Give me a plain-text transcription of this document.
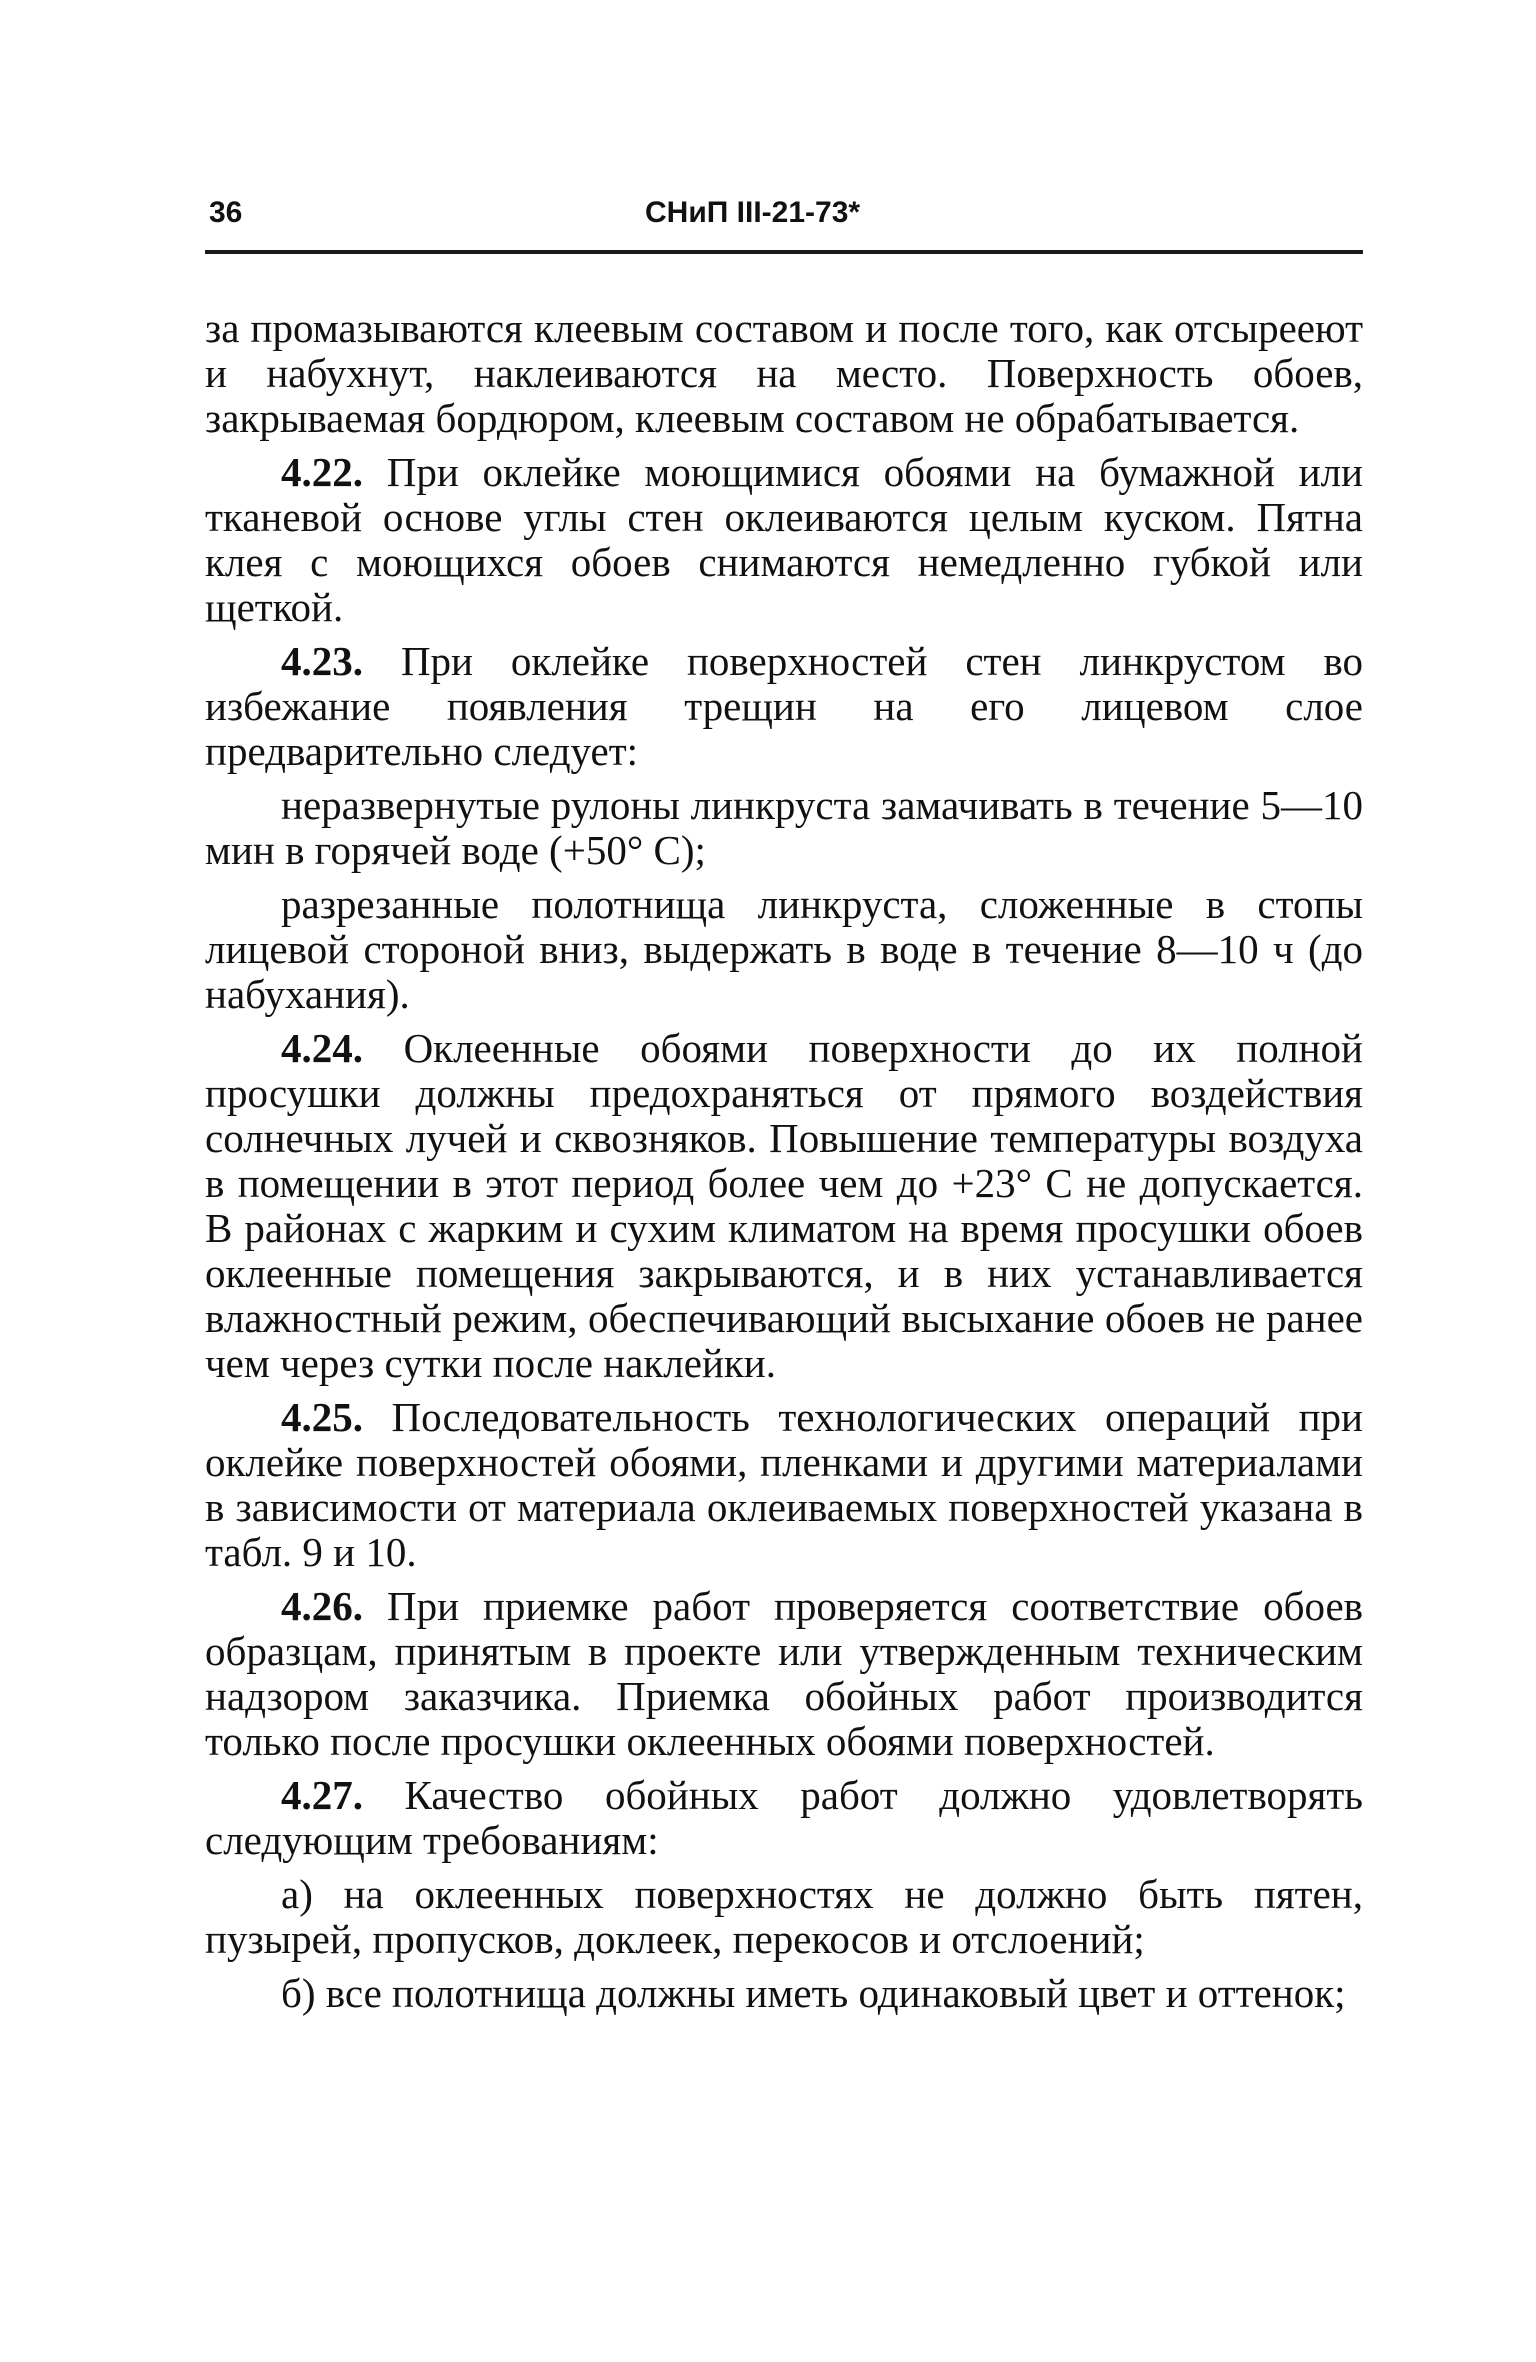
36	СНиП III-21-73*

за промазываются клеевым составом и после того, как отсырееют и набухнут, наклеиваются на место. Поверхность обоев, закрываемая бордюром, клеевым составом не обрабатывается.

4.22. При оклейке моющимися обоями на бумажной или тканевой основе углы стен оклеиваются целым куском. Пятна клея с моющихся обоев снимаются немедленно губкой или щеткой.

4.23. При оклейке поверхностей стен линкрустом во избежание появления трещин на его лицевом слое предварительно следует:

неразвернутые рулоны линкруста замачивать в течение 5—10 мин в горячей воде (+50° С);

разрезанные полотнища линкруста, сложенные в стопы лицевой стороной вниз, выдержать в воде в течение 8—10 ч (до набухания).

4.24. Оклеенные обоями поверхности до их полной просушки должны предохраняться от прямого воздействия солнечных лучей и сквозняков. Повышение температуры воздуха в помещении в этот период более чем до +23° С не допускается. В районах с жарким и сухим климатом на время просушки обоев оклеенные помещения закрываются, и в них устанавливается влажностный режим, обеспечивающий высыхание обоев не ранее чем через сутки после наклейки.

4.25. Последовательность технологических операций при оклейке поверхностей обоями, пленками и другими материалами в зависимости от материала оклеиваемых поверхностей указана в табл. 9 и 10.

4.26. При приемке работ проверяется соответствие обоев образцам, принятым в проекте или утвержденным техническим надзором заказчика. Приемка обойных работ производится только после просушки оклеенных обоями поверхностей.

4.27. Качество обойных работ должно удовлетворять следующим требованиям:

а) на оклеенных поверхностях не должно быть пятен, пузырей, пропусков, доклеек, перекосов и отслоений;

б) все полотнища должны иметь одинаковый цвет и оттенок;
